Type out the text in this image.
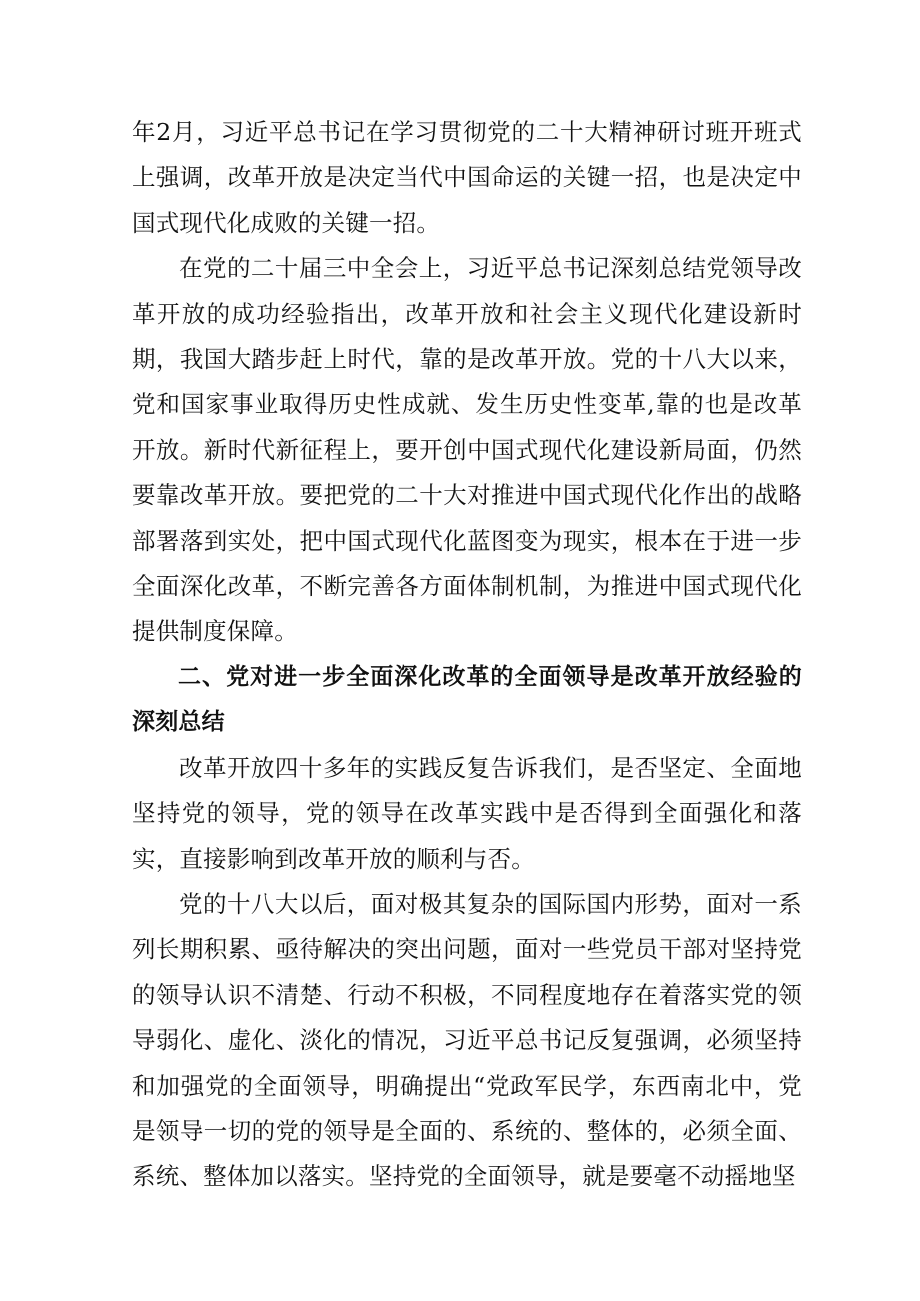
年2月，习近平总书记在学习贯彻党的二十大精神研讨班开班式上强调，改革开放是决定当代中国命运的关键一招，也是决定中国式现代化成败的关键一招。

在党的二十届三中全会上，习近平总书记深刻总结党领导改革开放的成功经验指出，改革开放和社会主义现代化建设新时期，我国大踏步赶上时代，靠的是改革开放。党的十八大以来，党和国家事业取得历史性成就、发生历史性变革,靠的也是改革开放。新时代新征程上，要开创中国式现代化建设新局面，仍然要靠改革开放。要把党的二十大对推进中国式现代化作出的战略部署落到实处，把中国式现代化蓝图变为现实，根本在于进一步全面深化改革，不断完善各方面体制机制，为推进中国式现代化提供制度保障。

二、党对进一步全面深化改革的全面领导是改革开放经验的深刻总结

改革开放四十多年的实践反复告诉我们，是否坚定、全面地坚持党的领导，党的领导在改革实践中是否得到全面强化和落实，直接影响到改革开放的顺利与否。

党的十八大以后，面对极其复杂的国际国内形势，面对一系列长期积累、亟待解决的突出问题，面对一些党员干部对坚持党的领导认识不清楚、行动不积极，不同程度地存在着落实党的领导弱化、虚化、淡化的情况，习近平总书记反复强调，必须坚持和加强党的全面领导，明确提出“党政军民学，东西南北中，党是领导一切的党的领导是全面的、系统的、整体的，必须全面、系统、整体加以落实。坚持党的全面领导，就是要毫不动摇地坚
